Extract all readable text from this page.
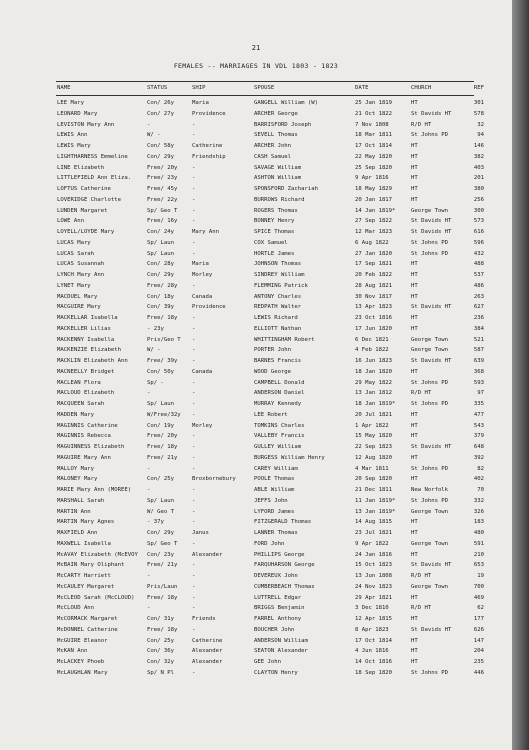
21
FEMALES -- MARRIAGES IN VDL 1803 - 1823
NAME	STATUS	SHIP	SPOUSE	DATE	CHURCH	REF
LEE Mary	Con/ 26y	Maria	GANGELL William (W)	25 Jan 1819	HT	301
LEONARD Mary	Con/ 27y	Providence	ARCHER George	21 Oct 1822	St Davids HT	578
LEVISTON Mary Ann	-	-	BARRISFORD Joseph	7 Nov 1808	R/D HT	32
LEWIS Ann	W/ -	-	SEVELL Thomas	18 Mar 1811	St Johns PD	94
LEWIS Mary	Con/ 58y	Catherine	ARCHER John	17 Oct 1814	HT	146
LIGHTHARNESS Emmeline	Con/ 29y	Friendship	CASH Samuel	22 May 1820	HT	382
LINE Elizabeth	Free/ 20y	-	SAVAGE William	25 Sep 1820	HT	403
LITTLEFIELD Ann Eliza.	Free/ 23y	-	ASHTON William	9 Apr 1816	HT	201
LOFTUS Catherine	Free/ 45y	-	SPONSFORD Zachariah	18 May 1829	HT	380
LOVERIDGE Charlotte	Free/ 22y	-	BURROWS Richard	20 Jan 1817	HT	256
LUNDEN Margaret	Sp/ Geo T	-	ROGERS Thomas	14 Jan 1819*	George Town	300
LOWE Ann	Free/ 16y	-	BONNEY Henry	27 Sep 1822	St Davids HT	573
LOYELL/LOYDE Mary	Con/ 24y	Mary Ann	SPICE Thomas	12 Mar 1823	St Davids HT	616
LUCAS Mary	Sp/ Laun	-	COX Samuel	6 Aug 1822	St Johns PD	596
LUCAS Sarah	Sp/ Laun	-	HORTLE James	27 Jan 1820	St Johns PD	432
LUCAS Susannah	Con/ 28y	Maria	JOHNSON Thomas	17 Sep 1821	HT	488
LYNCH Mary Ann	Con/ 29y	Morley	SINDREY William	20 Feb 1822	HT	537
LYNET Mary	Free/ 28y	-	FLEMMING Patrick	28 Aug 1821	HT	486
MACDUEL Mary	Con/ 18y	Canada	ANTONY Charles	30 Nov 1817	HT	263
MACGUIRE Mary	Con/ 39y	Providence	REDPATH Walter	13 Apr 1823	St Davids HT	627
MACKELLAR Isabella	Free/ 18y	-	LEWIS Richard	23 Oct 1816	HT	236
MACKELLER Lilias	- 23y	-	ELLIOTT Nathan	17 Jun 1820	HT	384
MACKENNY Isabella	Pris/Geo T	-	WHITTINGHAM Robert	6 Dec 1821	George Town	521
MACKENZIE Elizabeth	W/ -	-	PORTER John	4 Feb 1822	George Town	587
MACKLIN Elizabeth Ann	Free/ 39y	-	BARNES Francis	16 Jun 1823	St Davids HT	639
MACNEELLY Bridget	Con/ 50y	Canada	WOOD George	18 Jan 1820	HT	368
MACLEAN Flora	Sp/ -	-	CAMPBELL Donald	29 May 1822	St Johns PD	593
MACLOUD Elizabeth	-	-	ANDERSON Daniel	13 Jan 1812	R/D HT	97
MACQUEEN Sarah	Sp/ Laun	-	MURRAY Kennedy	18 Jan 1819*	St Johns PD	335
MADDEN Mary	W/Free/32y	-	LEE Robert	20 Jul 1821	HT	477
MAGINNIS Catherine	Con/ 19y	Morley	TOMKINS Charles	1 Apr 1822	HT	543
MAGINNIS Rebecca	Free/ 20y	-	VALLEBY Francis	15 May 1820	HT	379
MAGUINNESS Elizabeth	Free/ 18y	-	GULLEY William	22 Sep 1823	St Davids HT	648
MAGUIRE Mary Ann	Free/ 21y	-	BURGESS William Henry	12 Aug 1820	HT	392
MALLOY Mary	-	-	CAREY William	4 Mar 1811	St Johns PD	82
MALONEY Mary	Con/ 25y	Broxbornebury	POOLE Thomas	20 Sep 1820	HT	402
MARIE Mary Ann (MOREE)	-	-	ABLE William	21 Dec 1811	New Norfolk	70
MARSHALL Sarah	Sp/ Laun	-	JEFFS John	11 Jan 1819*	St Johns PD	332
MARTIN Ann	W/ Geo T	-	LYFORD James	13 Jan 1819*	George Town	326
MARTIN Mary Agnes	- 37y	-	FITZGERALD Thomas	14 Aug 1815	HT	183
MAXFIELD Ann	Con/ 29y	Janus	LANNER Thomas	23 Jul 1821	HT	480
MAXWELL Isabella	Sp/ Geo T	-	FORD John	9 Apr 1822	George Town	591
McAVAY Elizabeth (McEVOY	Con/ 23y	Alexander	PHILLIPS George	24 Jan 1816	HT	210
McBAIN Mary Oliphant	Free/ 21y	-	FARQUHARSON George	15 Oct 1823	St Davids HT	653
McCARTY Harriett	-	-	DEVEREUX John	13 Jun 1808	R/D HT	19
McCAULEY Margaret	Pris/Laun	-	CUMBERBEACH Thomas	24 Nov 1823	George Town	700
McCLEOD Sarah (McCLOUD)	Free/ 18y	-	LUTTRELL Edgar	29 Apr 1821	HT	469
McCLOUD Ann	-	-	BRIGGS Benjamin	3 Dec 1810	R/D HT	62
McCORMACK Margaret	Con/ 31y	Friends	FARREL Anthony	12 Apr 1815	HT	177
McDONNEL Catherine	Free/ 18y	-	BOUCHER John	8 Apr 1823	St Davids HT	626
McGUIRE Eleanor	Con/ 25y	Catherine	ANDERSON William	17 Oct 1814	HT	147
McKAN Ann	Con/ 36y	Alexander	SEATON Alexander	4 Jun 1816	HT	204
McLACKEY Phoeb	Con/ 32y	Alexander	GEE John	14 Oct 1816	HT	235
McLAUGHLAN Mary	Sp/ N Pl	-	CLAYTON Henry	18 Sep 1820	St Johns PD	446
